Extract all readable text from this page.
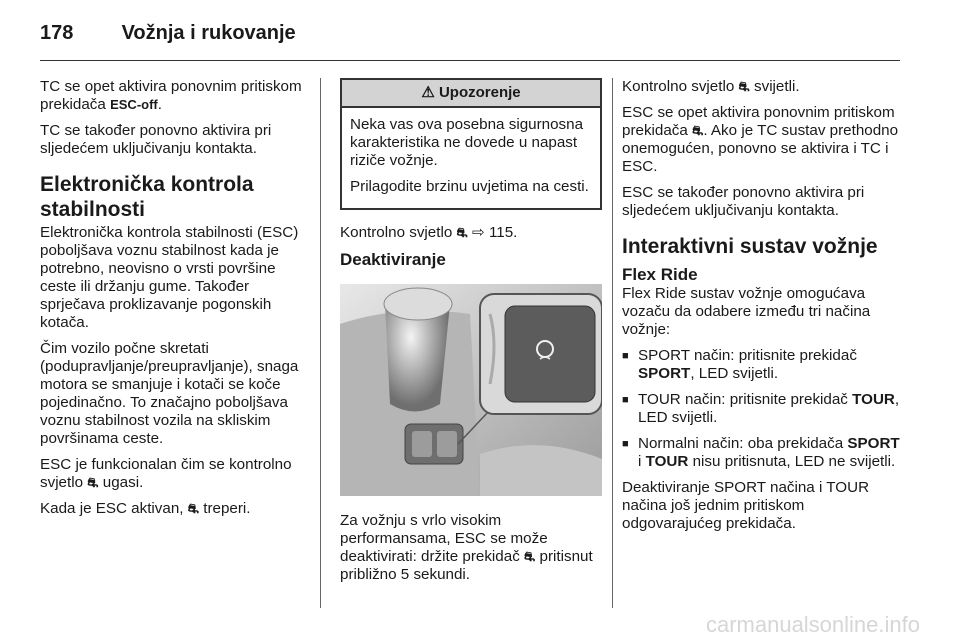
178 Vožnja i rukovanje

TC se opet aktivira ponovnim pritiskom prekidača ESC-off.

TC se također ponovno aktivira pri sljedećem uključivanju kontakta.

Elektronička kontrola stabilnosti

Elektronička kontrola stabilnosti (ESC) poboljšava voznu stabilnost kada je potrebno, neovisno o vrsti površine ceste ili držanju gume. Također sprječava proklizavanje pogonskih kotača.

Čim vozilo počne skretati (podupravljanje/preupravljanje), snaga motora se smanjuje i kotači se koče pojedinačno. To značajno poboljšava voznu stabilnost vozila na skliskim površinama ceste.

ESC je funkcionalan čim se kontrolno svjetlo ⛐ ugasi.

Kada je ESC aktivan, ⛐ treperi.

⚠ Upozorenje

Neka vas ova posebna sigurnosna karakteristika ne dovede u napast riziče vožnje.

Prilagodite brzinu uvjetima na cesti.

Kontrolno svjetlo ⛐ ⇨ 115.

Deaktiviranje

Za vožnju s vrlo visokim performansama, ESC se može deaktivirati: držite prekidač ⛐ pritisnut približno 5 sekundi.

Kontrolno svjetlo ⛐ svijetli.

ESC se opet aktivira ponovnim pritiskom prekidača ⛐. Ako je TC sustav prethodno onemogućen, ponovno se aktivira i TC i ESC.

ESC se također ponovno aktivira pri sljedećem uključivanju kontakta.

Interaktivni sustav vožnje
Flex Ride

Flex Ride sustav vožnje omogućava vozaču da odabere između tri načina vožnje:

■ SPORT način: pritisnite prekidač SPORT, LED svijetli.

■ TOUR način: pritisnite prekidač TOUR, LED svijetli.

■ Normalni način: oba prekidača SPORT i TOUR nisu pritisnuta, LED ne svijetli.

Deaktiviranje SPORT načina i TOUR načina još jednim pritiskom odgovarajućeg prekidača.

carmanualsonline.info
